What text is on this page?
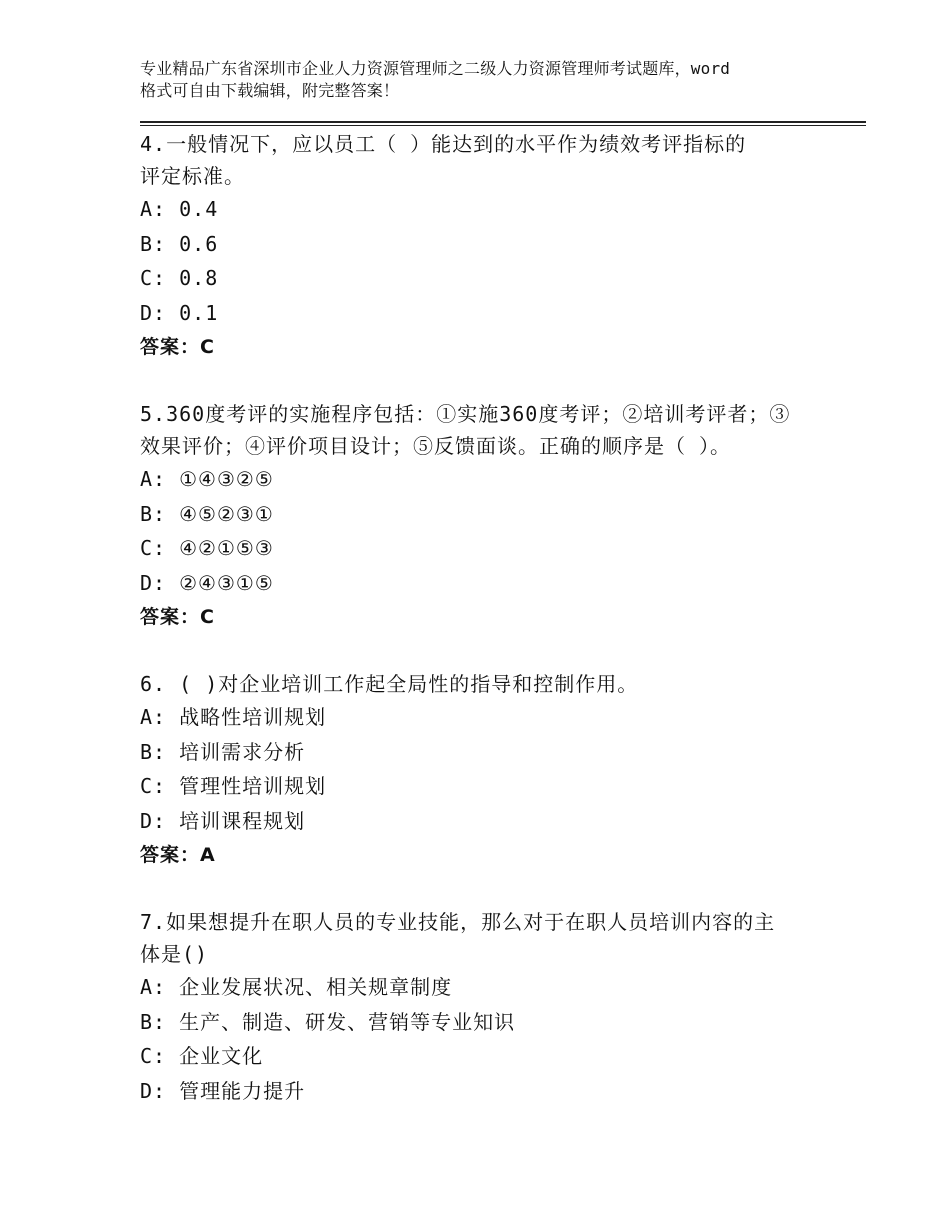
专业精品广东省深圳市企业人力资源管理师之二级人力资源管理师考试题库，word
格式可自由下载编辑，附完整答案！
4.一般情况下，应以员工（ ）能达到的水平作为绩效考评指标的
评定标准。
A: 0.4
B: 0.6
C: 0.8
D: 0.1
答案：C
5.360度考评的实施程序包括：①实施360度考评；②培训考评者；③
效果评价；④评价项目设计；⑤反馈面谈。正确的顺序是（ ）。
A: ①④③②⑤
B: ④⑤②③①
C: ④②①⑤③
D: ②④③①⑤
答案：C
6. ( )对企业培训工作起全局性的指导和控制作用。
A: 战略性培训规划
B: 培训需求分析
C: 管理性培训规划
D: 培训课程规划
答案：A
7.如果想提升在职人员的专业技能，那么对于在职人员培训内容的主
体是()
A: 企业发展状况、相关规章制度
B: 生产、制造、研发、营销等专业知识
C: 企业文化
D: 管理能力提升
